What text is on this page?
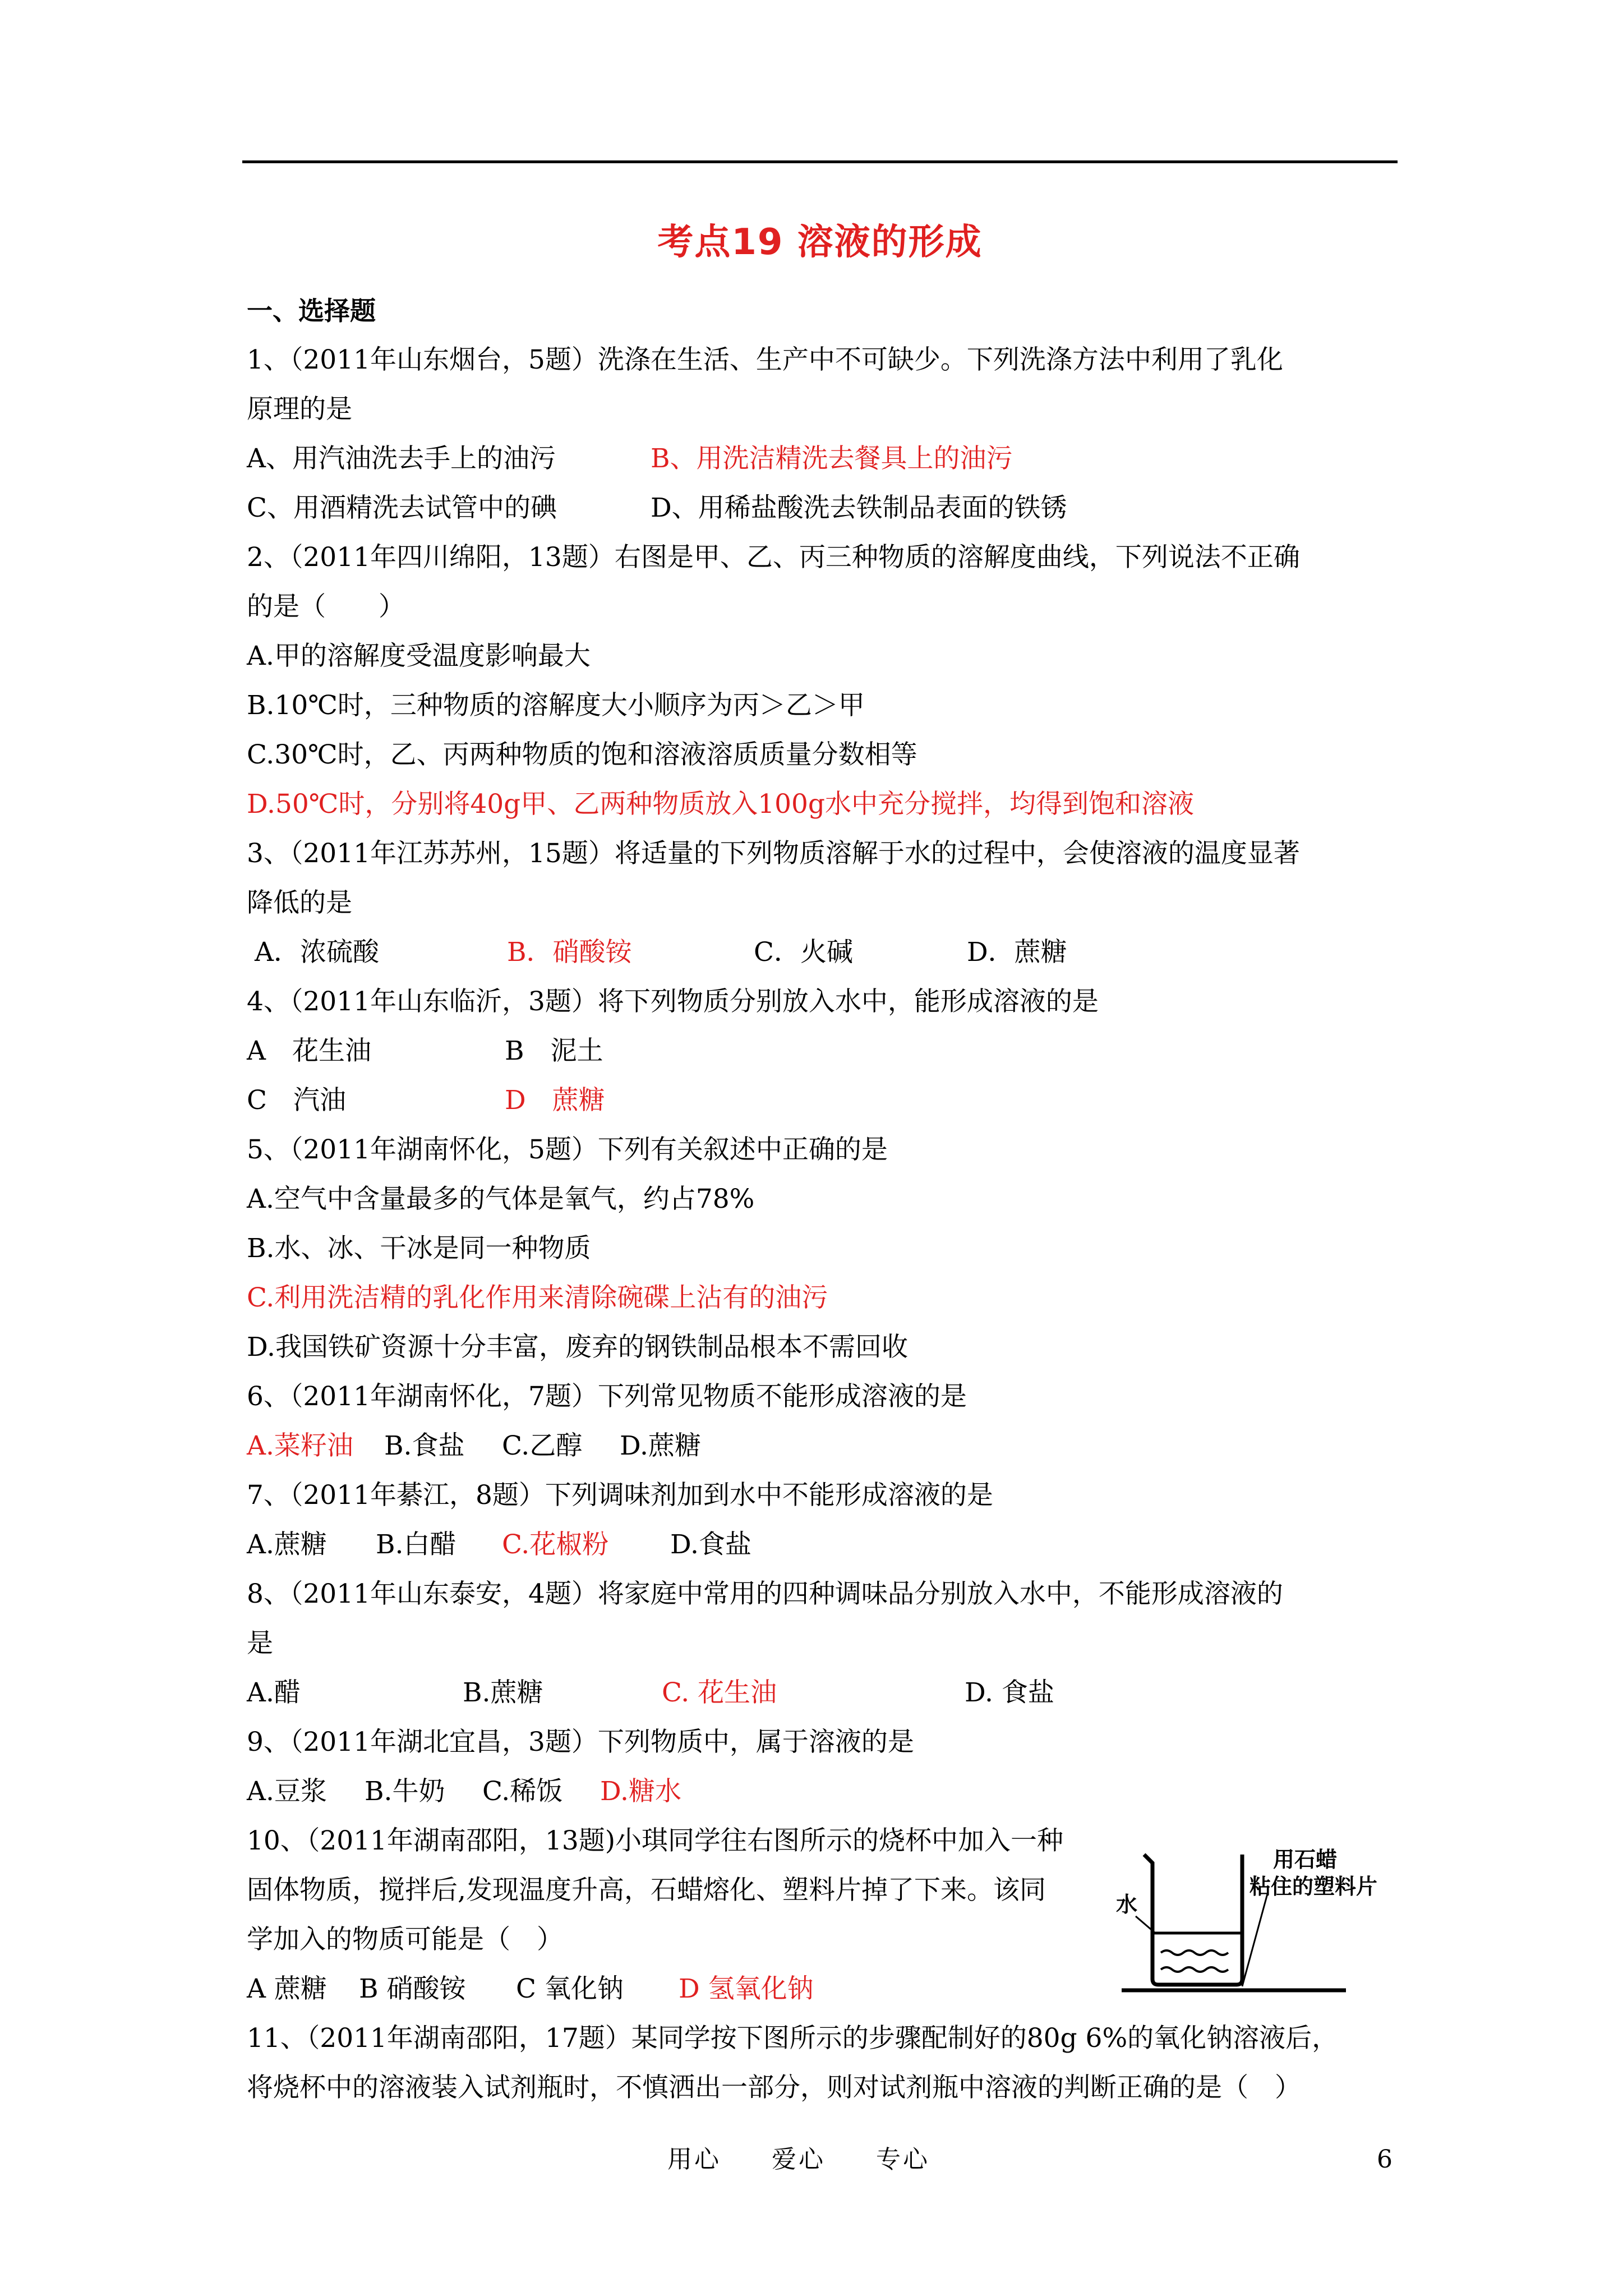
考点19 溶液的形成
一、选择题
1、（2011年山东烟台，5题）洗涤在生活、生产中不可缺少。下列洗涤方法中利用了乳化
原理的是
A、用汽油洗去手上的油污	B、用洗洁精洗去餐具上的油污
C、用酒精洗去试管中的碘	D、用稀盐酸洗去铁制品表面的铁锈
2、（2011年四川绵阳，13题）右图是甲、乙、丙三种物质的溶解度曲线，下列说法不正确
的是（　　）
A.甲的溶解度受温度影响最大
B.10℃时，三种物质的溶解度大小顺序为丙＞乙＞甲
C.30℃时，乙、丙两种物质的饱和溶液溶质质量分数相等
D.50℃时，分别将40g甲、乙两种物质放入100g水中充分搅拌，均得到饱和溶液
3、（2011年江苏苏州，15题）将适量的下列物质溶解于水的过程中，会使溶液的温度显著
降低的是
A．浓硫酸	B．硝酸铵	C．火碱	D．蔗糖
4、（2011年山东临沂，3题）将下列物质分别放入水中，能形成溶液的是
A　花生油	B　泥土
C　汽油	D　蔗糖
5、（2011年湖南怀化，5题）下列有关叙述中正确的是
A.空气中含量最多的气体是氧气，约占78%
B.水、冰、干冰是同一种物质
C.利用洗洁精的乳化作用来清除碗碟上沾有的油污
D.我国铁矿资源十分丰富，废弃的钢铁制品根本不需回收
6、（2011年湖南怀化，7题）下列常见物质不能形成溶液的是
A.菜籽油 B.食盐 C.乙醇 D.蔗糖
7、（2011年綦江，8题）下列调味剂加到水中不能形成溶液的是
A.蔗糖 B.白醋 C.花椒粉 D.食盐
8、（2011年山东泰安，4题）将家庭中常用的四种调味品分别放入水中，不能形成溶液的
是
A.醋	B.蔗糖	C. 花生油	D. 食盐
9、（2011年湖北宜昌，3题）下列物质中，属于溶液的是
A.豆浆 B.牛奶 C.稀饭 D.糖水
10、（2011年湖南邵阳，13题)小琪同学往右图所示的烧杯中加入一种
固体物质，搅拌后,发现温度升高，石蜡熔化、塑料片掉了下来。该同
学加入的物质可能是（　）
水
用石蜡
粘住的塑料片
A 蔗糖 B 硝酸铵 C 氧化钠 D 氢氧化钠
11、（2011年湖南邵阳，17题）某同学按下图所示的步骤配制好的80g 6%的氧化钠溶液后，
将烧杯中的溶液装入试剂瓶时，不慎洒出一部分，则对试剂瓶中溶液的判断正确的是（　）
用心 爱心 专心	6
